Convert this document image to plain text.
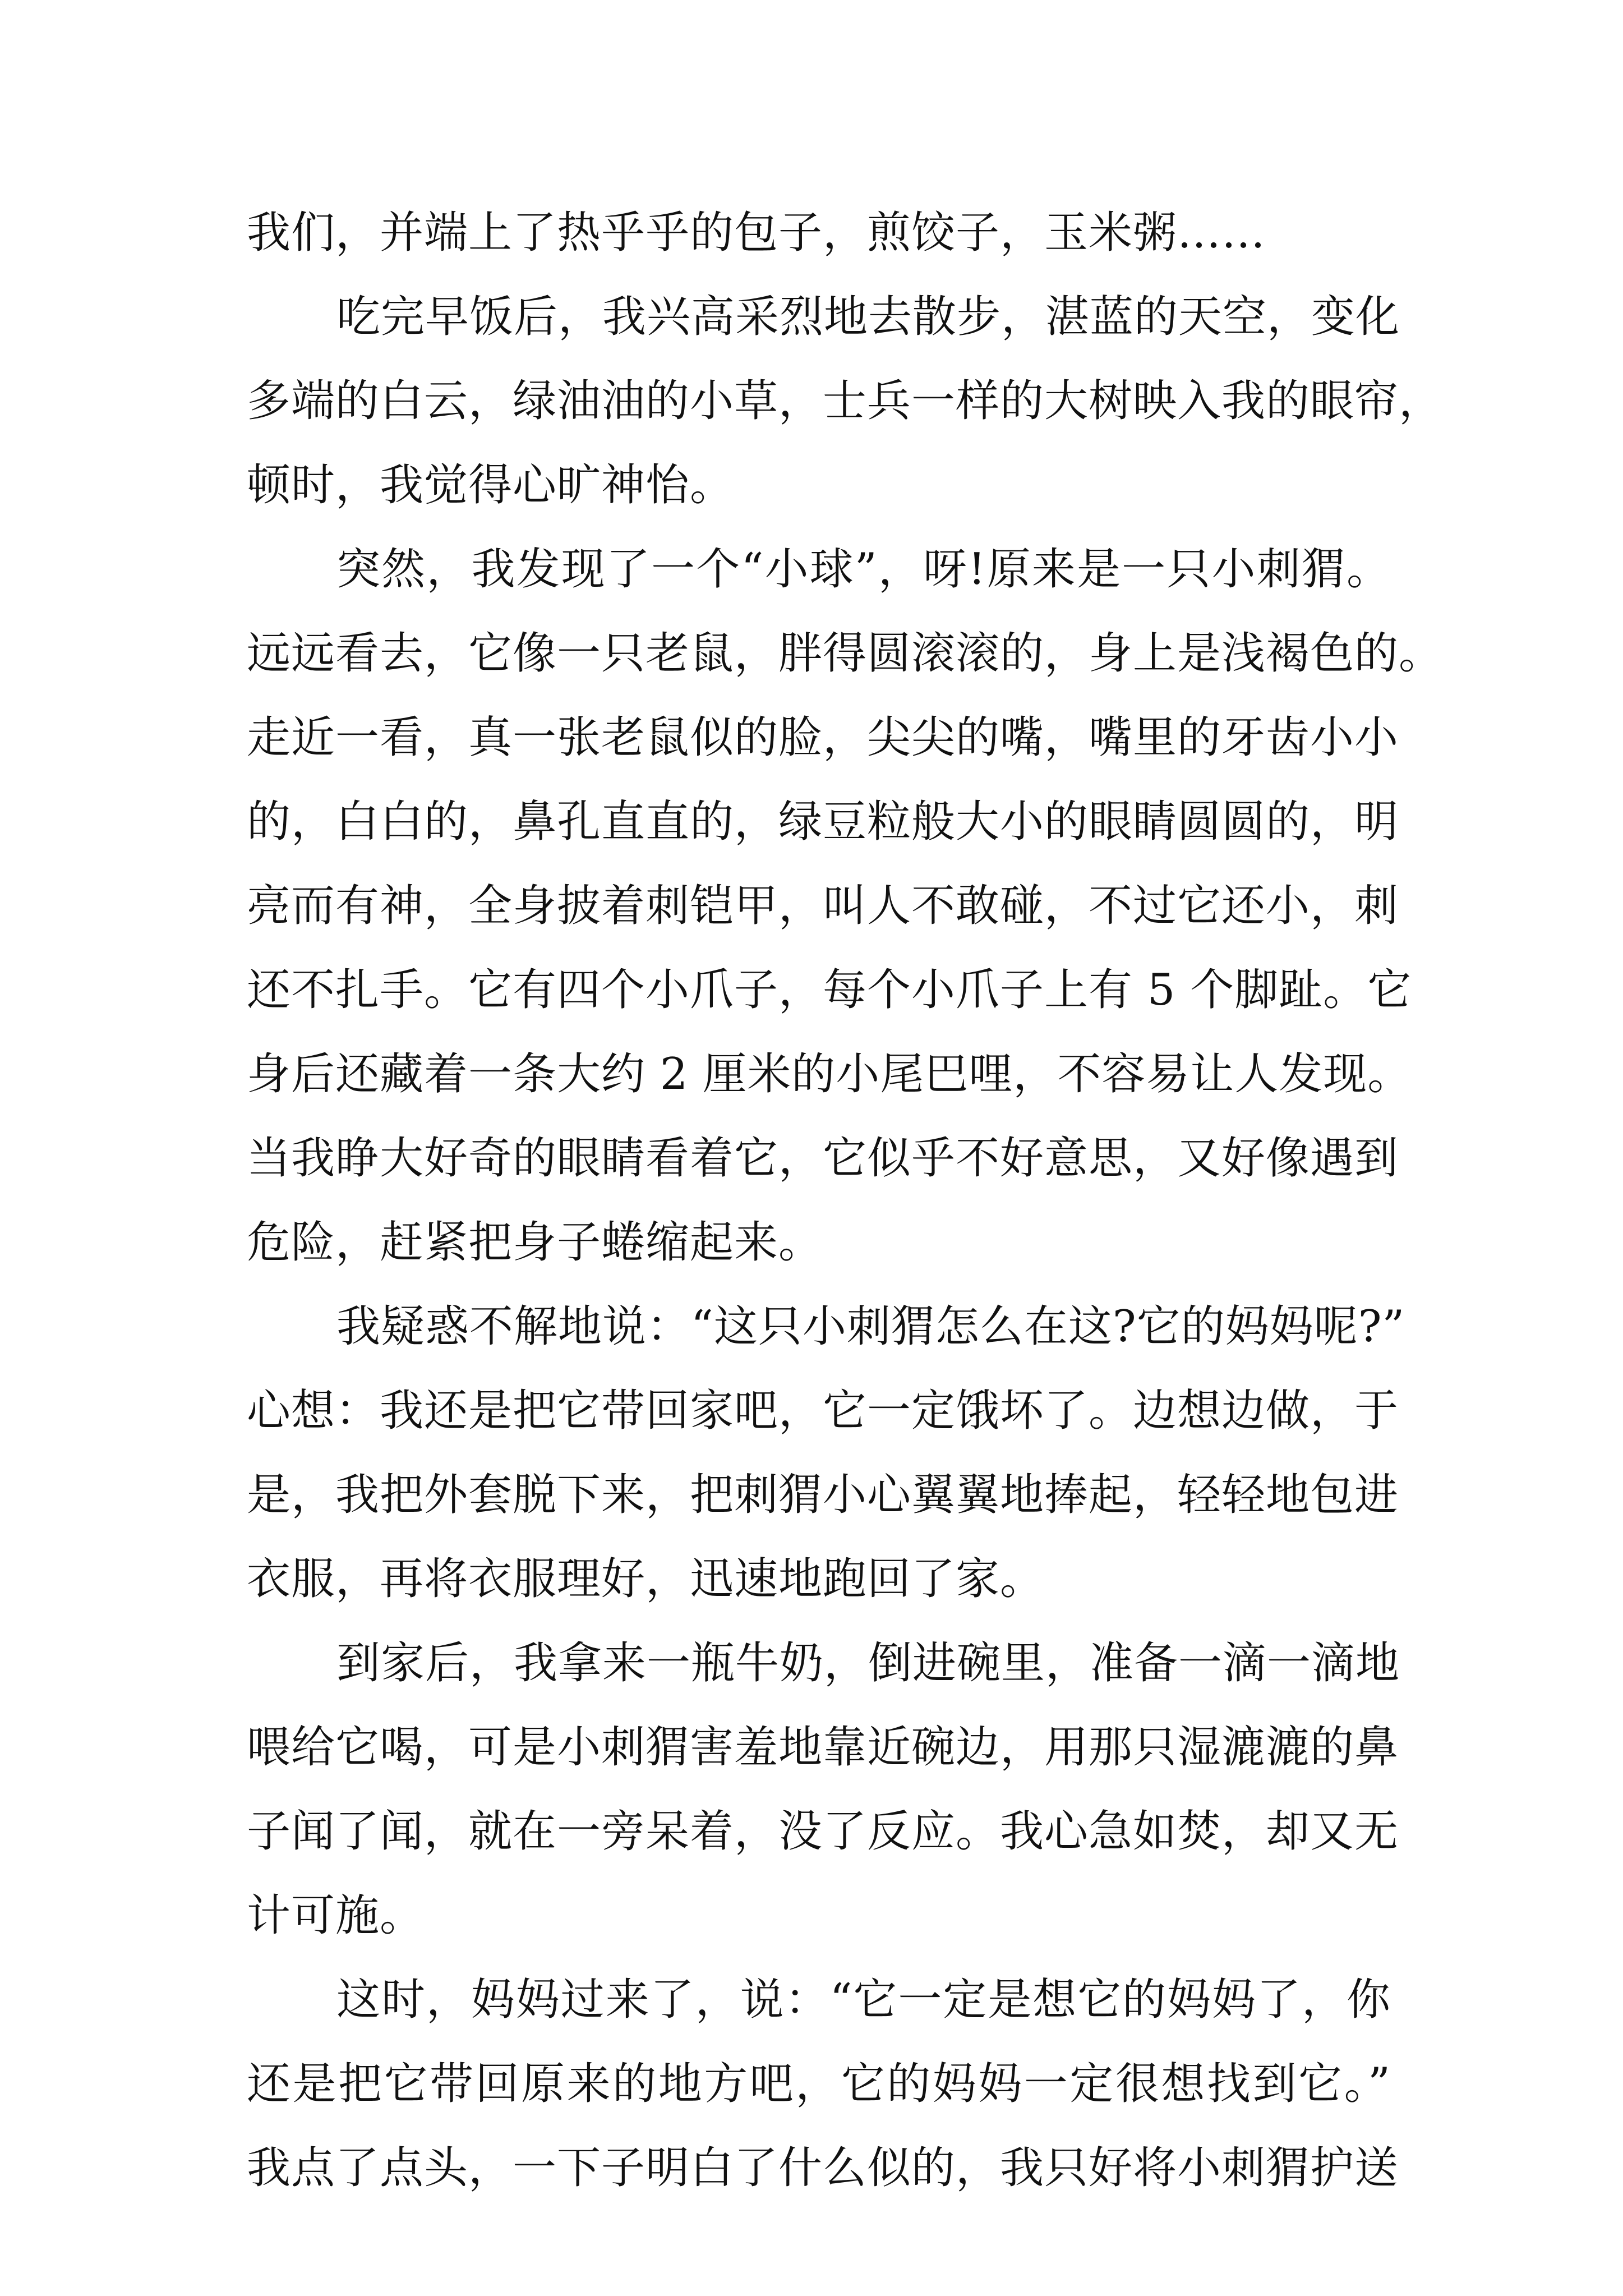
我们，并端上了热乎乎的包子，煎饺子，玉米粥……
吃完早饭后，我兴高采烈地去散步，湛蓝的天空，变化
多端的白云，绿油油的小草，士兵一样的大树映入我的眼帘，
顿时，我觉得心旷神怡。
突然，我发现了一个“小球”，呀!原来是一只小刺猬。
远远看去，它像一只老鼠，胖得圆滚滚的，身上是浅褐色的。
走近一看，真一张老鼠似的脸，尖尖的嘴，嘴里的牙齿小小
的，白白的，鼻孔直直的，绿豆粒般大小的眼睛圆圆的，明
亮而有神，全身披着刺铠甲，叫人不敢碰，不过它还小，刺
还不扎手。它有四个小爪子，每个小爪子上有 5 个脚趾。它
身后还藏着一条大约 2 厘米的小尾巴哩，不容易让人发现。
当我睁大好奇的眼睛看着它，它似乎不好意思，又好像遇到
危险，赶紧把身子蜷缩起来。
我疑惑不解地说：“这只小刺猬怎么在这?它的妈妈呢?”
心想：我还是把它带回家吧，它一定饿坏了。边想边做，于
是，我把外套脱下来，把刺猬小心翼翼地捧起，轻轻地包进
衣服，再将衣服理好，迅速地跑回了家。
到家后，我拿来一瓶牛奶，倒进碗里，准备一滴一滴地
喂给它喝，可是小刺猬害羞地靠近碗边，用那只湿漉漉的鼻
子闻了闻，就在一旁呆着，没了反应。我心急如焚，却又无
计可施。
这时，妈妈过来了，说：“它一定是想它的妈妈了，你
还是把它带回原来的地方吧，它的妈妈一定很想找到它。”
我点了点头，一下子明白了什么似的，我只好将小刺猬护送
